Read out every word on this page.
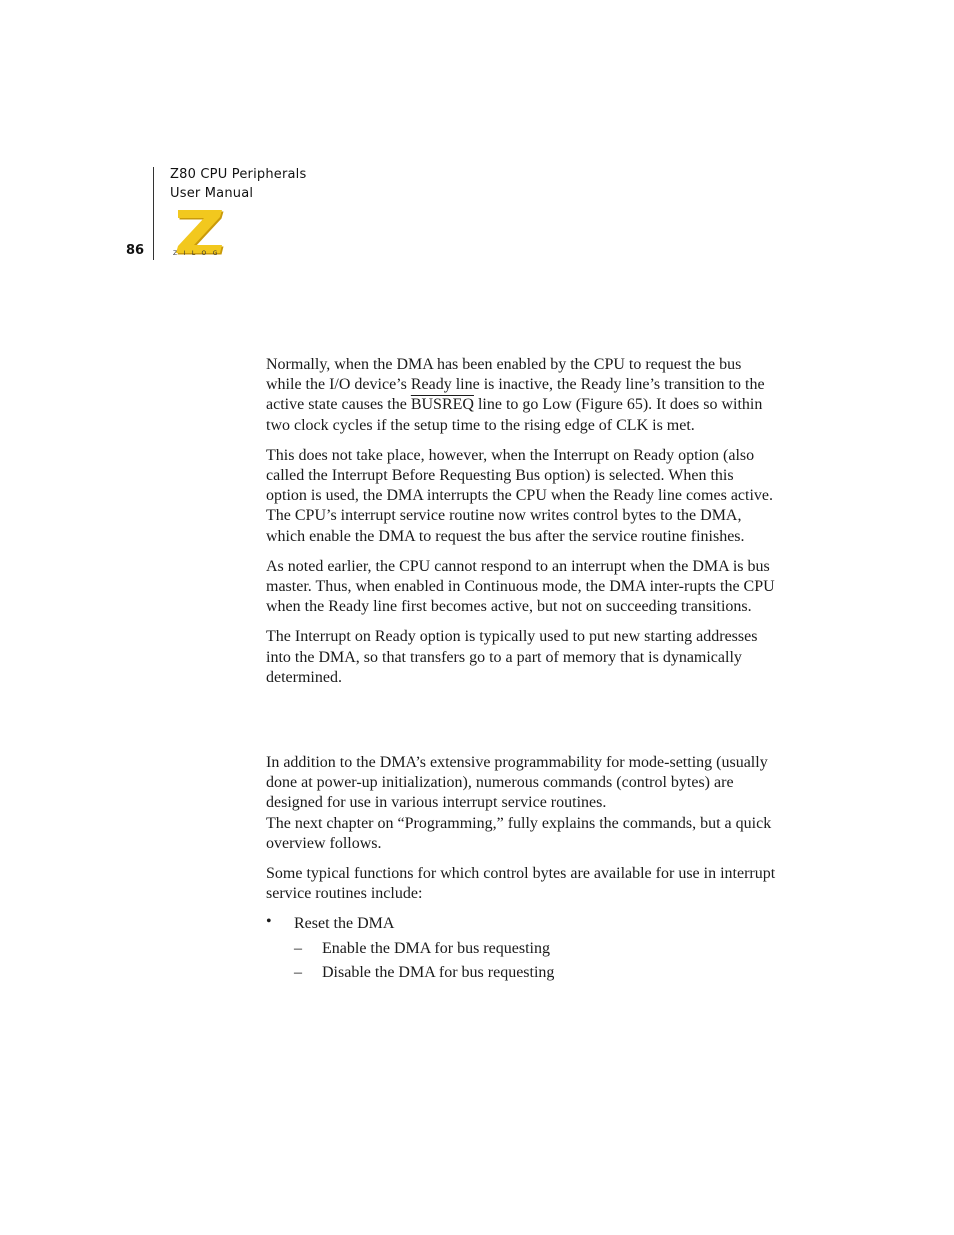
Z80 CPU Peripherals
User Manual
86	ZILOG

Normally, when the DMA has been enabled by the CPU to request the bus while the I/O device’s Ready line is inactive, the Ready line’s transition to the active state causes the BUSREQ line to go Low (Figure 65). It does so within two clock cycles if the setup time to the rising edge of CLK is met.

This does not take place, however, when the Interrupt on Ready option (also called the Interrupt Before Requesting Bus option) is selected. When this option is used, the DMA interrupts the CPU when the Ready line comes active. The CPU’s interrupt service routine now writes control bytes to the DMA, which enable the DMA to request the bus after the service routine finishes.

As noted earlier, the CPU cannot respond to an interrupt when the DMA is bus master. Thus, when enabled in Continuous mode, the DMA inter-rupts the CPU when the Ready line first becomes active, but not on succeeding transitions.

The Interrupt on Ready option is typically used to put new starting addresses into the DMA, so that transfers go to a part of memory that is dynamically determined.

In addition to the DMA’s extensive programmability for mode-setting (usually done at power-up initialization), numerous commands (control bytes) are designed for use in various interrupt service routines.
The next chapter on “Programming,” fully explains the commands, but a quick overview follows.

Some typical functions for which control bytes are available for use in interrupt service routines include:

• Reset the DMA
– Enable the DMA for bus requesting
– Disable the DMA for bus requesting
